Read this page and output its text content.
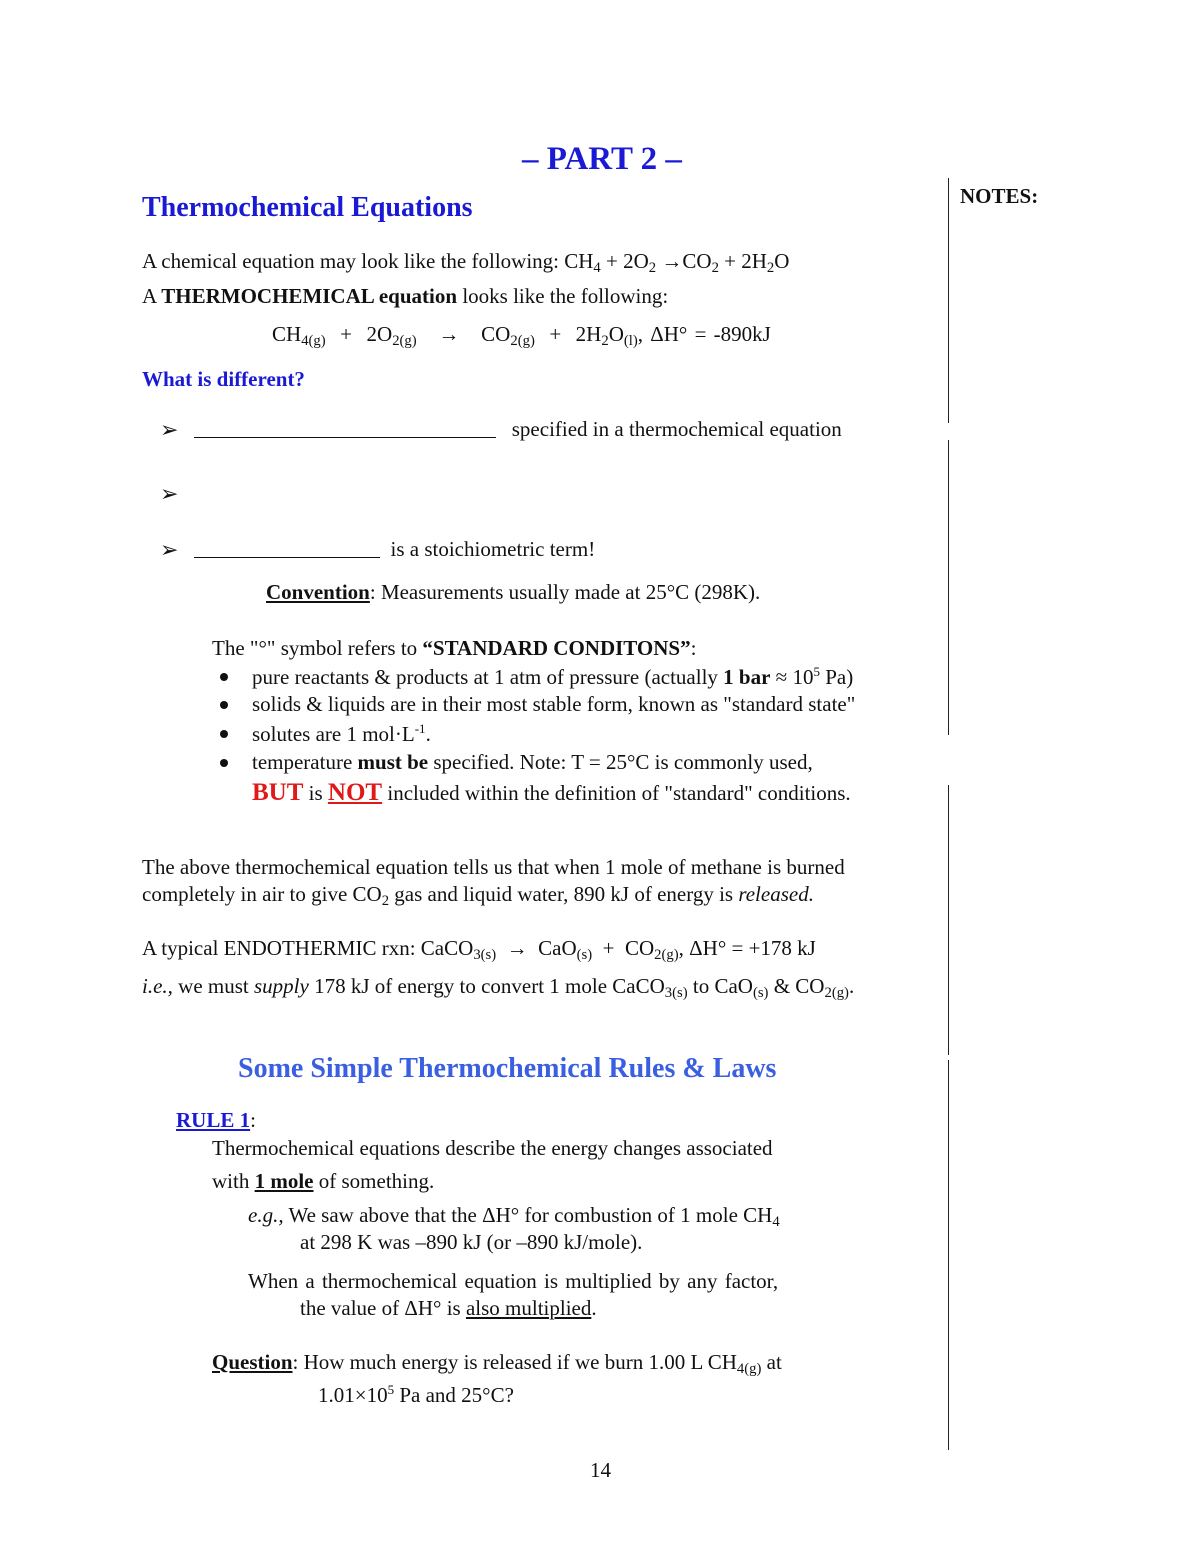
– PART 2 –
NOTES:
Thermochemical Equations
A chemical equation may look like the following: $CH_4 + 2O_2 \to CO_2 + 2H_2O$
A THERMOCHEMICAL equation looks like the following:
$CH_{4(g)} + 2O_{2(g)} \to CO_{2(g)} + 2H_2O_{(l)}$, ΔH° = -890kJ
What is different?
➢	specified in a thermochemical equation
➢
➢	is a stoichiometric term!
Convention: Measurements usually made at 25°C (298K).
The "°" symbol refers to “STANDARD CONDITONS”:
pure reactants & products at 1 atm of pressure (actually 1 bar ≈ $10^5$ Pa)
solids & liquids are in their most stable form, known as "standard state"
solutes are 1 $mol\cdot L^{-1}$.
temperature must be specified. Note: T = 25°C is commonly used,
BUT is NOT included within the definition of "standard" conditions.
The above thermochemical equation tells us that when 1 mole of methane is burned
completely in air to give $CO_2$ gas and liquid water, 890 kJ of energy is released.
A typical ENDOTHERMIC rxn: CaCO$_{3(s)}$  →  $CaO_{(s)} + CO_{2(g)}$, ΔH° = +178 kJ
i.e., we must supply 178 kJ of energy to convert 1 mole CaCO$_{3(s)}$ to CaO$_{(s)}$ & $CO_{2(g)}$.
Some Simple Thermochemical Rules & Laws
RULE 1:
Thermochemical equations describe the energy changes associated
with 1 mole of something.
e.g., We saw above that the ΔH° for combustion of 1 mole $CH_4$
at 298 K was –890 kJ (or –890 kJ/mole).
When a thermochemical equation is multiplied by any factor,
the value of ΔH° is also multiplied.
Question: How much energy is released if we burn 1.00 L $CH_{4(g)}$ at
$1.01\times 10^5$ Pa and 25°C?
14
